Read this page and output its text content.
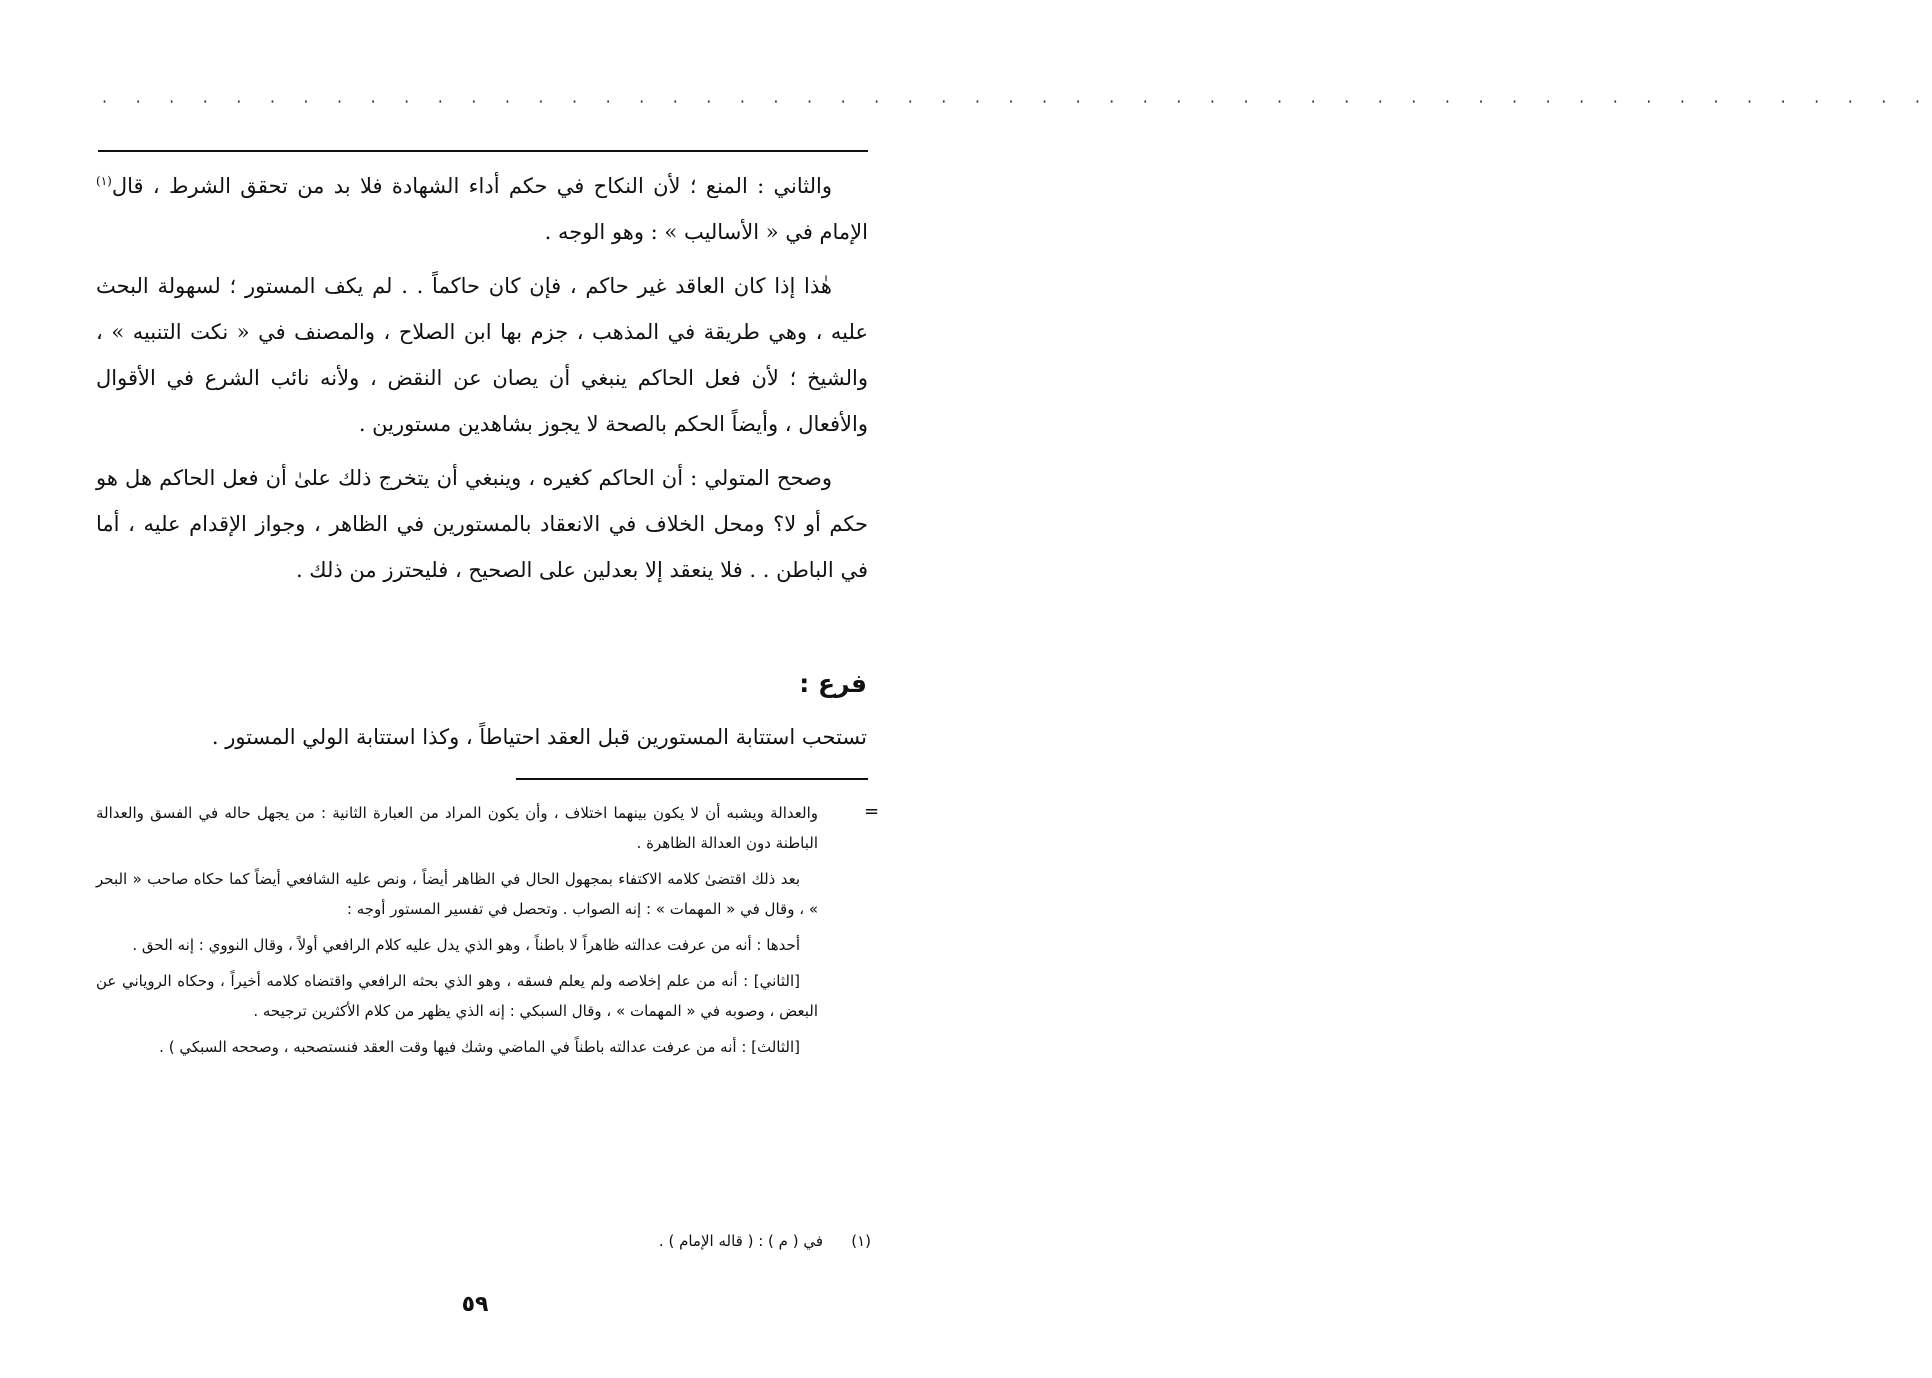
· · · · · · · · · · · · · · · · · · · · · · · · · · · · · · · · · · · · · · · · · · · · · · · · · · · · · · ·

والثاني : المنع ؛ لأن النكاح في حكم أداء الشهادة فلا بد من تحقق الشرط ، قال$^{(١)}$ الإمام في « الأساليب » : وهو الوجه .

هٰذا إذا كان العاقد غير حاكم ، فإن كان حاكماً . . لم يكف المستور ؛ لسهولة البحث عليه ، وهي طريقة في المذهب ، جزم بها ابن الصلاح ، والمصنف في « نكت التنبيه » ، والشيخ ؛ لأن فعل الحاكم ينبغي أن يصان عن النقض ، ولأنه نائب الشرع في الأقوال والأفعال ، وأيضاً الحكم بالصحة لا يجوز بشاهدين مستورين .

وصحح المتولي : أن الحاكم كغيره ، وينبغي أن يتخرج ذلك علىٰ أن فعل الحاكم هل هو حكم أو لا؟ ومحل الخلاف في الانعقاد بالمستورين في الظاهر ، وجواز الإقدام عليه ، أما في الباطن . . فلا ينعقد إلا بعدلين على الصحيح ، فليحترز من ذلك .

فرع :
تستحب استتابة المستورين قبل العقد احتياطاً ، وكذا استتابة الولي المستور .
=

والعدالة ويشبه أن لا يكون بينهما اختلاف ، وأن يكون المراد من العبارة الثانية : من يجهل حاله في الفسق والعدالة الباطنة دون العدالة الظاهرة .

بعد ذلك اقتضىٰ كلامه الاكتفاء بمجهول الحال في الظاهر أيضاً ، ونص عليه الشافعي أيضاً كما حكاه صاحب « البحر » ، وقال في « المهمات » : إنه الصواب . وتحصل في تفسير المستور أوجه :

أحدها : أنه من عرفت عدالته ظاهراً لا باطناً ، وهو الذي يدل عليه كلام الرافعي أولاً ، وقال النووي : إنه الحق .

[الثاني] : أنه من علم إخلاصه ولم يعلم فسقه ، وهو الذي بحثه الرافعي واقتضاه كلامه أخيراً ، وحكاه الروياني عن البعض ، وصوبه في « المهمات » ، وقال السبكي : إنه الذي يظهر من كلام الأكثرين ترجيحه .

[الثالث] : أنه من عرفت عدالته باطناً في الماضي وشك فيها وقت العقد فنستصحبه ، وصححه السبكي ) .

(١)في ( م ) : ( قاله الإمام ) .
٥٩
